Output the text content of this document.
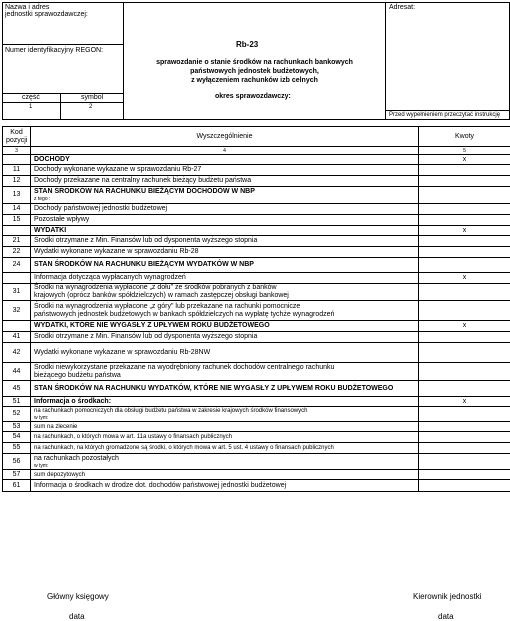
Nazwa i adres
jednostki sprawozdawczej:
Numer identyfikacyjny REGON:
część	symbol
1	2
Rb-23
sprawozdanie o stanie środków na rachunkach bankowych
państwowych jednostek budżetowych,
z wyłączeniem rachunków izb celnych
okres sprawozdawczy:
Adresat:
Przed wypełnieniem przeczytać instrukcję
Kod
pozycji	Wyszczególnienie	Kwoty
3	4	5

	DOCHODY	x
11	Dochody wykonane wykazane w sprawozdaniu Rb-27	

12	Dochody przekazane na centralny rachunek bieżący budżetu państwa	

13	STAN ŚRODKÓW NA RACHUNKU BIEŻĄCYM DOCHODÓW W NBP
z tego :	

14	Dochody państwowej jednostki budżetowej	

15	Pozostałe wpływy	

	WYDATKI	x
21	Środki otrzymane z Min. Finansów lub od dysponenta wyższego stopnia	

22	Wydatki wykonane wykazane w sprawozdaniu Rb-28	

24	STAN ŚRODKÓW NA RACHUNKU BIEŻĄCYM WYDATKÓW W NBP	

	Informacja dotycząca wypłacanych wynagrodzeń	x
31	Środki na wynagrodzenia wypłacone „z dołu" ze środków pobranych z banków
krajowych (oprócz banków spółdzielczych) w ramach zastępczej obsługi bankowej	

32	Środki na wynagrodzenia wypłacone „z góry" lub przekazane na rachunki pomocnicze
państwowych jednostek budżetowych w bankach spółdzielczych na wypłatę tychże wynagrodzeń	

	WYDATKI, KTÓRE NIE WYGASŁY Z UPŁYWEM ROKU BUDŻETOWEGO	x
41	Środki otrzymane z Min. Finansów lub od dysponenta wyższego stopnia	

42	Wydatki wykonane wykazane w sprawozdaniu Rb-28NW	

44	Środki niewykorzystane przekazane na wyodrębniony rachunek dochodów centralnego rachunku
bieżącego budżetu państwa	

45	STAN ŚRODKÓW NA RACHUNKU WYDATKÓW, KTÓRE NIE WYGASŁY Z UPŁYWEM ROKU BUDŻETOWEGO	

51	Informacja o środkach:	x
52	na rachunkach pomocniczych dla obsługi budżetu państwa w zakresie krajowych środków finansowych
w tym:	

53	sum na zlecenie	

54	na rachunkach, o których mowa w art. 11a ustawy o finansach publicznych	

55	na rachunkach, na których gromadzone są środki, o których mowa w art. 5 ust. 4 ustawy o finansach publicznych	

56	na rachunkach pozostałych
w tym:	

57	sum depozytowych	

61	Informacja o środkach w drodze dot. dochodów państwowej jednostki budżetowej	

Główny księgowy	Kierownik jednostki
data	data
